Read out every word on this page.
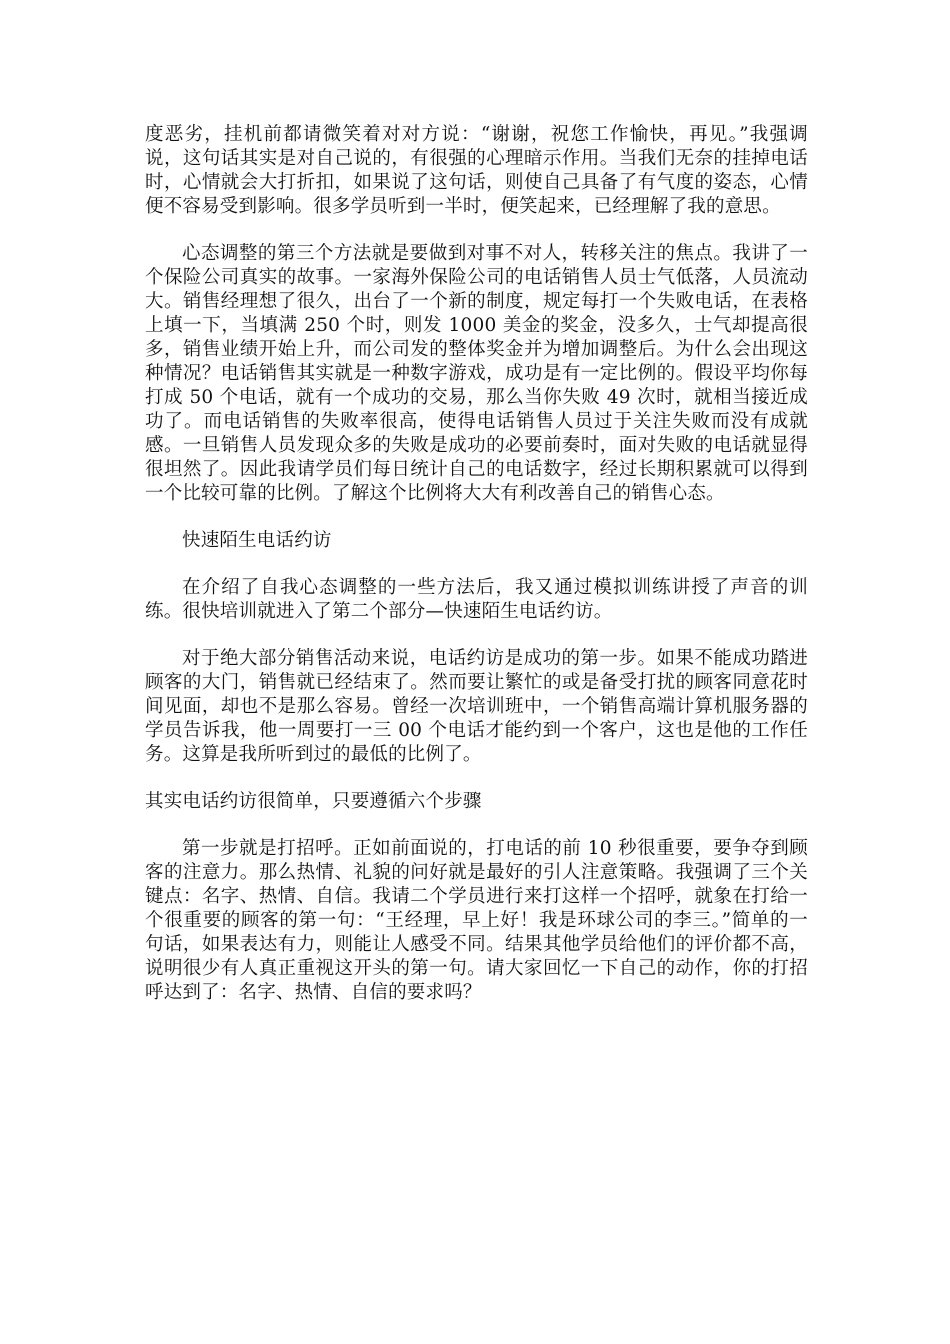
度恶劣，挂机前都请微笑着对对方说：“谢谢，祝您工作愉快，再见。”我强调说，这句话其实是对自己说的，有很强的心理暗示作用。当我们无奈的挂掉电话时，心情就会大打折扣，如果说了这句话，则使自己具备了有气度的姿态，心情便不容易受到影响。很多学员听到一半时，便笑起来，已经理解了我的意思。

心态调整的第三个方法就是要做到对事不对人，转移关注的焦点。我讲了一个保险公司真实的故事。一家海外保险公司的电话销售人员士气低落，人员流动大。销售经理想了很久，出台了一个新的制度，规定每打一个失败电话，在表格上填一下，当填满 250 个时，则发 1000 美金的奖金，没多久，士气却提高很多，销售业绩开始上升，而公司发的整体奖金并为增加调整后。为什么会出现这种情况？电话销售其实就是一种数字游戏，成功是有一定比例的。假设平均你每打成 50 个电话，就有一个成功的交易，那么当你失败 49 次时，就相当接近成功了。而电话销售的失败率很高，使得电话销售人员过于关注失败而没有成就感。一旦销售人员发现众多的失败是成功的必要前奏时，面对失败的电话就显得很坦然了。因此我请学员们每日统计自己的电话数字，经过长期积累就可以得到一个比较可靠的比例。了解这个比例将大大有利改善自己的销售心态。

快速陌生电话约访

在介绍了自我心态调整的一些方法后，我又通过模拟训练讲授了声音的训练。很快培训就进入了第二个部分—快速陌生电话约访。

对于绝大部分销售活动来说，电话约访是成功的第一步。如果不能成功踏进顾客的大门，销售就已经结束了。然而要让繁忙的或是备受打扰的顾客同意花时间见面，却也不是那么容易。曾经一次培训班中，一个销售高端计算机服务器的学员告诉我，他一周要打一三 00 个电话才能约到一个客户，这也是他的工作任务。这算是我所听到过的最低的比例了。

其实电话约访很简单，只要遵循六个步骤

第一步就是打招呼。正如前面说的，打电话的前 10 秒很重要，要争夺到顾客的注意力。那么热情、礼貌的问好就是最好的引人注意策略。我强调了三个关键点：名字、热情、自信。我请二个学员进行来打这样一个招呼，就象在打给一个很重要的顾客的第一句：“王经理，早上好！我是环球公司的李三。”简单的一句话，如果表达有力，则能让人感受不同。结果其他学员给他们的评价都不高，说明很少有人真正重视这开头的第一句。请大家回忆一下自己的动作，你的打招呼达到了：名字、热情、自信的要求吗？
